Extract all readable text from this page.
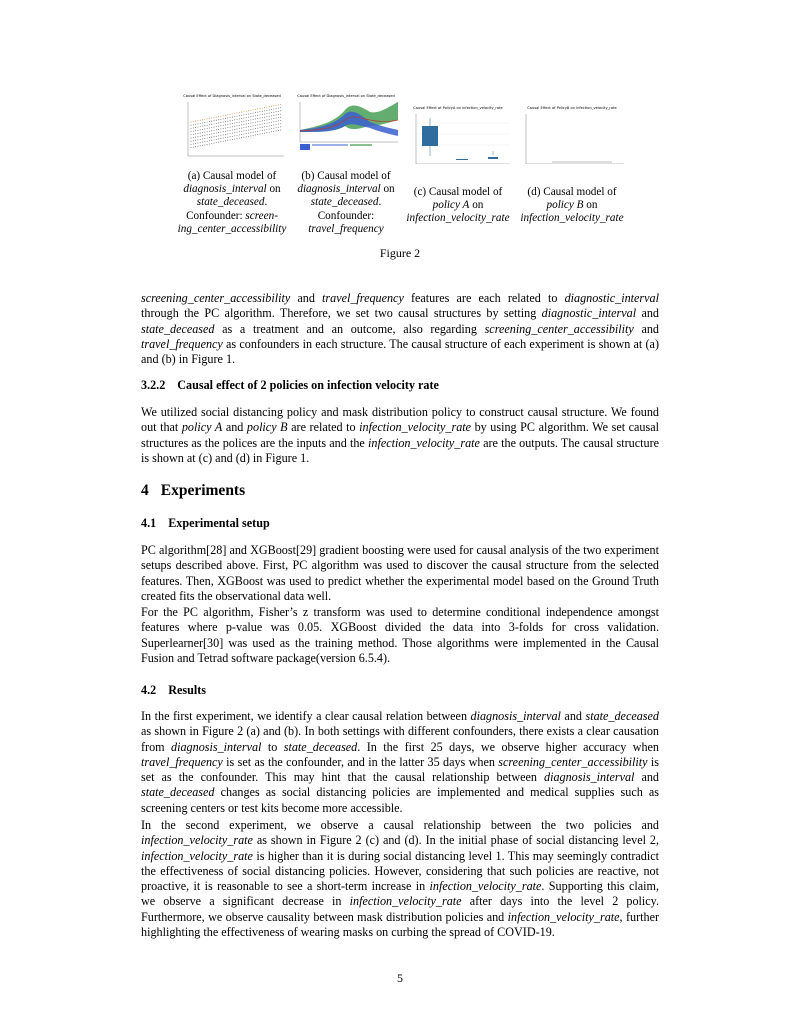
Causal Effect of Diagnosis_interval on State_deceased
(a) Causal model of
diagnosis_interval on
state_deceased.
Confounder: screen-
ing_center_accessibility
Causal Effect of Diagnosis_interval on State_deceased
(b) Causal model of
diagnosis_interval on
state_deceased.
Confounder:
travel_frequency
Causal Effect of PolicyA on infection_velocity_rate	Causal Effect of PolicyB on infection_velocity_rate
(c) Causal model of
policy A on
infection_velocity_rate
(d) Causal model of
policy B on
infection_velocity_rate
Figure 2

screening_center_accessibility and travel_frequency features are each related to diagnostic_interval through the PC algorithm. Therefore, we set two causal structures by setting diagnostic_interval and state_deceased as a treatment and an outcome, also regarding screening_center_accessibility and travel_frequency as confounders in each structure. The causal structure of each experiment is shown at (a) and (b) in Figure 1.

3.2.2 Causal effect of 2 policies on infection velocity rate

We utilized social distancing policy and mask distribution policy to construct causal structure. We found out that policy A and policy B are related to infection_velocity_rate by using PC algorithm. We set causal structures as the polices are the inputs and the infection_velocity_rate are the outputs. The causal structure is shown at (c) and (d) in Figure 1.

4 Experiments
4.1 Experimental setup

PC algorithm[28] and XGBoost[29] gradient boosting were used for causal analysis of the two experiment setups described above. First, PC algorithm was used to discover the causal structure from the selected features. Then, XGBoost was used to predict whether the experimental model based on the Ground Truth created fits the observational data well.

For the PC algorithm, Fisher’s z transform was used to determine conditional independence amongst features where p-value was 0.05. XGBoost divided the data into 3-folds for cross validation. Superlearner[30] was used as the training method. Those algorithms were implemented in the Causal Fusion and Tetrad software package(version 6.5.4).

4.2 Results

In the first experiment, we identify a clear causal relation between diagnosis_interval and state_deceased as shown in Figure 2 (a) and (b). In both settings with different confounders, there exists a clear causation from diagnosis_interval to state_deceased. In the first 25 days, we observe higher accuracy when travel_frequency is set as the confounder, and in the latter 35 days when screening_center_accessibility is set as the confounder. This may hint that the causal relationship between diagnosis_interval and state_deceased changes as social distancing policies are implemented and medical supplies such as screening centers or test kits become more accessible.

In the second experiment, we observe a causal relationship between the two policies and infection_velocity_rate as shown in Figure 2 (c) and (d). In the initial phase of social distancing level 2, infection_velocity_rate is higher than it is during social distancing level 1. This may seemingly contradict the effectiveness of social distancing policies. However, considering that such policies are reactive, not proactive, it is reasonable to see a short-term increase in infection_velocity_rate. Supporting this claim, we observe a significant decrease in infection_velocity_rate after days into the level 2 policy. Furthermore, we observe causality between mask distribution policies and infection_velocity_rate, further highlighting the effectiveness of wearing masks on curbing the spread of COVID-19.

5
